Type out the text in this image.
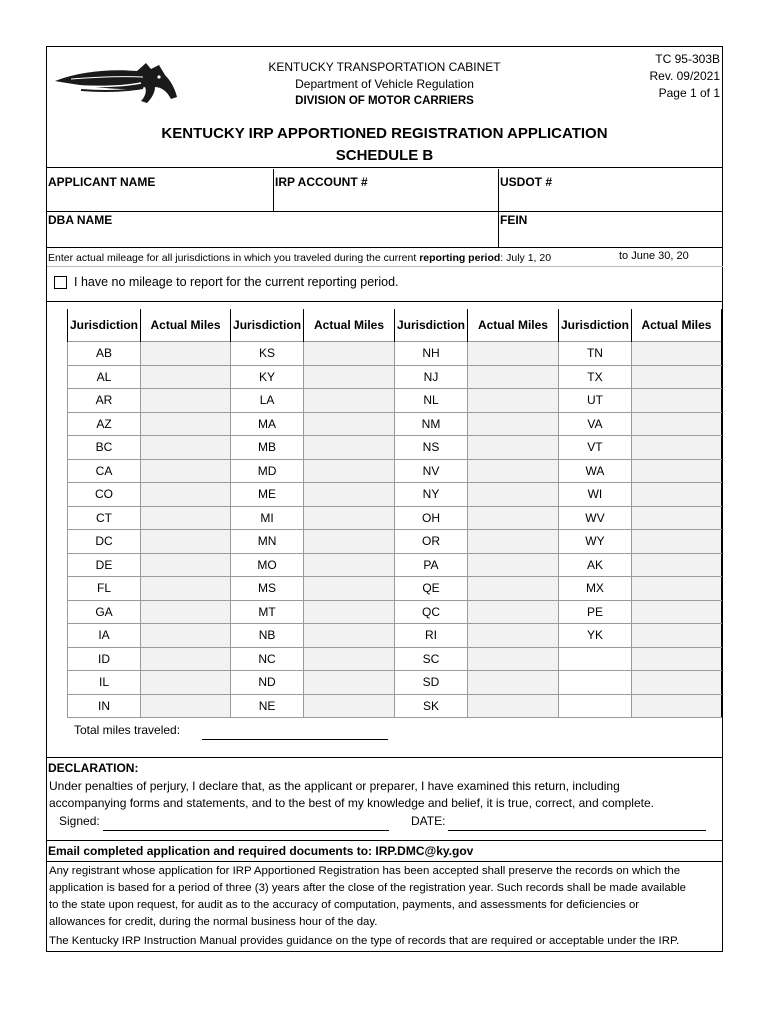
KENTUCKY TRANSPORTATION CABINET
Department of Vehicle Regulation
DIVISION OF MOTOR CARRIERS
TC 95-303B
Rev. 09/2021
Page 1 of 1
KENTUCKY IRP APPORTIONED REGISTRATION APPLICATION
SCHEDULE B
APPLICANT NAME	IRP ACCOUNT #	USDOT #
DBA NAME	FEIN
Enter actual mileage for all jurisdictions in which you traveled during the current reporting period: July 1, 20	to June 30, 20
I have no mileage to report for the current reporting period.
Jurisdiction	Actual Miles	Jurisdiction	Actual Miles	Jurisdiction	Actual Miles	Jurisdiction	Actual Miles
AB		KS		NH		TN	
AL		KY		NJ		TX	
AR		LA		NL		UT	
AZ		MA		NM		VA	
BC		MB		NS		VT	
CA		MD		NV		WA	
CO		ME		NY		WI	
CT		MI		OH		WV	
DC		MN		OR		WY	
DE		MO		PA		AK	
FL		MS		QE		MX	
GA		MT		QC		PE	
IA		NB		RI		YK	
ID		NC		SC			
IL		ND		SD			
IN		NE		SK			
Total miles traveled:
DECLARATION:
Under penalties of perjury, I declare that, as the applicant or preparer, I have examined this return, including
accompanying forms and statements, and to the best of my knowledge and belief, it is true, correct, and complete.
Signed:	DATE:
Email completed application and required documents to: IRP.DMC@ky.gov
Any registrant whose application for IRP Apportioned Registration has been accepted shall preserve the records on which the
application is based for a period of three (3) years after the close of the registration year. Such records shall be made available
to the state upon request, for audit as to the accuracy of computation, payments, and assessments for deficiencies or
allowances for credit, during the normal business hour of the day.
The Kentucky IRP Instruction Manual provides guidance on the type of records that are required or acceptable under the IRP.
